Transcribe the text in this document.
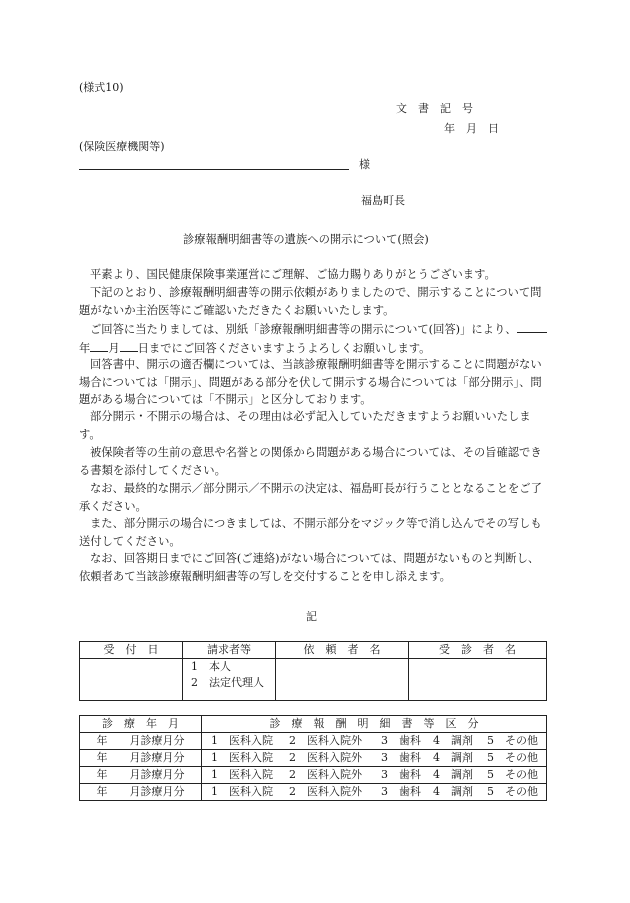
(様式10)
文　書　記　号
年　月　日
(保険医療機関等)
様
福島町長
診療報酬明細書等の遺族への開示について(照会)
平素より、国民健康保険事業運営にご理解、ご協力賜りありがとうございます。
下記のとおり、診療報酬明細書等の開示依頼がありましたので、開示することについて問題がないか主治医等にご確認いただきたくお願いいたします。
ご回答に当たりましては、別紙「診療報酬明細書等の開示について(回答)」により、年 月 日までにご回答くださいますようよろしくお願いします。
回答書中、開示の適否欄については、当該診療報酬明細書等を開示することに問題がない場合については「開示」、問題がある部分を伏して開示する場合については「部分開示」、問題がある場合については「不開示」と区分しております。
部分開示・不開示の場合は、その理由は必ず記入していただきますようお願いいたします。
被保険者等の生前の意思や名誉との関係から問題がある場合については、その旨確認できる書類を添付してください。
なお、最終的な開示／部分開示／不開示の決定は、福島町長が行うこととなることをご了承ください。
また、部分開示の場合につきましては、不開示部分をマジック等で消し込んでその写しも送付してください。
なお、回答期日までにご回答(ご連絡)がない場合については、問題がないものと判断し、依頼者あて当該診療報酬明細書等の写しを交付することを申し添えます。
記
受　付　日	請求者等	依　頼　者　名	受　診　者　名

	1　本人
2　法定代理人		

診　療　年　月	診　療　報　酬　明　細　書　等　区　分
年　　月診療月分	1　医科入院 2　医科入院外 3　歯科 4　調剤 5　その他
年　　月診療月分	1　医科入院 2　医科入院外 3　歯科 4　調剤 5　その他
年　　月診療月分	1　医科入院 2　医科入院外 3　歯科 4　調剤 5　その他
年　　月診療月分	1　医科入院 2　医科入院外 3　歯科 4　調剤 5　その他
